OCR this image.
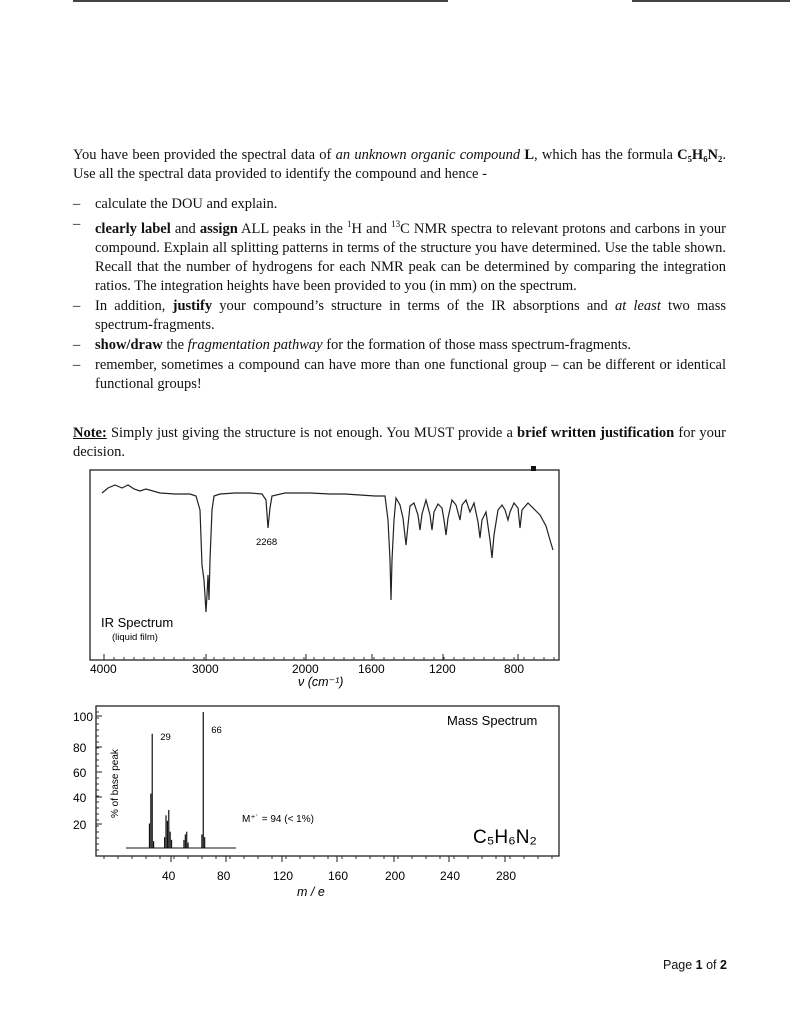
You have been provided the spectral data of an unknown organic compound L, which has the formula C₅H₆N₂. Use all the spectral data provided to identify the compound and hence -

– calculate the DOU and explain.
– clearly label and assign ALL peaks in the $^1$H and $^{13}$C NMR spectra to relevant protons and carbons in your compound. Explain all splitting patterns in terms of the structure you have determined. Use the table shown. Recall that the number of hydrogens for each NMR peak can be determined by comparing the integration ratios. The integration heights have been provided to you (in mm) on the spectrum.
– In addition, justify your compound’s structure in terms of the IR absorptions and at least two mass spectrum-fragments.
– show/draw the fragmentation pathway for the formation of those mass spectrum-fragments.
– remember, sometimes a compound can have more than one functional group – can be different or identical functional groups!

Note: Simply just giving the structure is not enough. You MUST provide a brief written justification for your decision.

2268
IR Spectrum
(liquid film)
4000	3000	2000	1600	1200	800
ν (cm⁻¹)
100
80
60
40
20
40	80	120	160	200	240	280
29
66
% of base peak
Mass Spectrum
M⁺˙ = 94 (< 1%)
C₅H₆N₂
m / e
Page 1 of 2
